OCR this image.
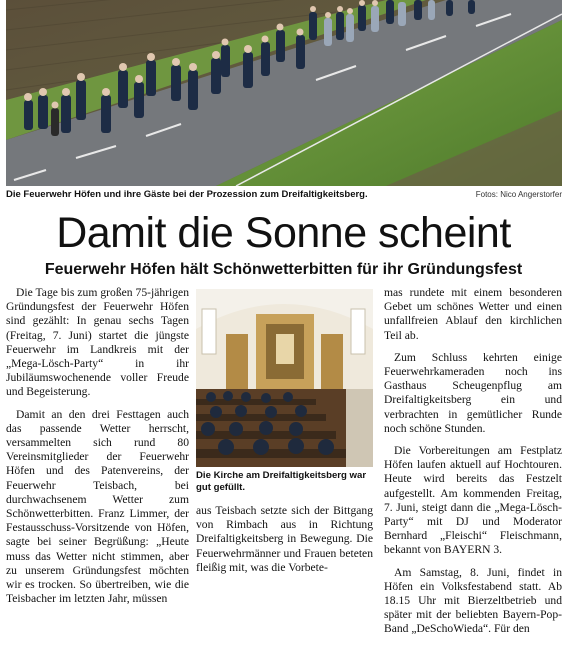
Die Feuerwehr Höfen und ihre Gäste bei der Prozession zum Dreifaltigkeitsberg.	Fotos: Nico Angerstorfer
Damit die Sonne scheint
Feuerwehr Höfen hält Schönwetterbitten für ihr Gründungsfest

Die Tage bis zum großen 75-jährigen Gründungsfest der Feuerwehr Höfen sind gezählt: In genau sechs Tagen (Freitag, 7. Juni) startet die jüngste Feuerwehr im Landkreis mit der „Mega-Lösch-Party“ in ihr Jubiläumswochenende voller Freude und Begeisterung.

Damit an den drei Festtagen auch das passende Wetter herrscht, versammelten sich rund 80 Vereinsmitglieder der Feuerwehr Höfen und des Patenvereins, der Feuerwehr Teisbach, bei durchwachsenem Wetter zum Schönwetterbitten. Franz Limmer, der Festausschuss-Vorsitzende von Höfen, sagte bei seiner Begrüßung: „Heute muss das Wetter nicht stimmen, aber zu unserem Gründungsfest möchten wir es trocken. So übertreiben, wie die Teisbacher im letzten Jahr, müssen

Die Kirche am Dreifaltigkeitsberg war gut gefüllt.

aus Teisbach setzte sich der Bittgang von Rimbach aus in Richtung Dreifaltigkeitsberg in Bewegung. Die Feuerwehrmänner und Frauen beteten fleißig mit, was die Vorbete-

mas rundete mit einem besonderen Gebet um schönes Wetter und einen unfallfreien Ablauf den kirchlichen Teil ab.

Zum Schluss kehrten einige Feuerwehrkameraden noch ins Gasthaus Scheugenpflug am Dreifaltigkeitsberg ein und verbrachten in gemütlicher Runde noch schöne Stunden.

Die Vorbereitungen am Festplatz Höfen laufen aktuell auf Hochtouren. Heute wird bereits das Festzelt aufgestellt. Am kommenden Freitag, 7. Juni, steigt dann die „Mega-Lösch-Party“ mit DJ und Moderator Bernhard „Fleischi“ Fleischmann, bekannt von BAYERN 3.

Am Samstag, 8. Juni, findet in Höfen ein Volksfestabend statt. Ab 18.15 Uhr mit Bierzeltbetrieb und später mit der beliebten Bayern-Pop-Band „DeSchoWieda“. Für den
